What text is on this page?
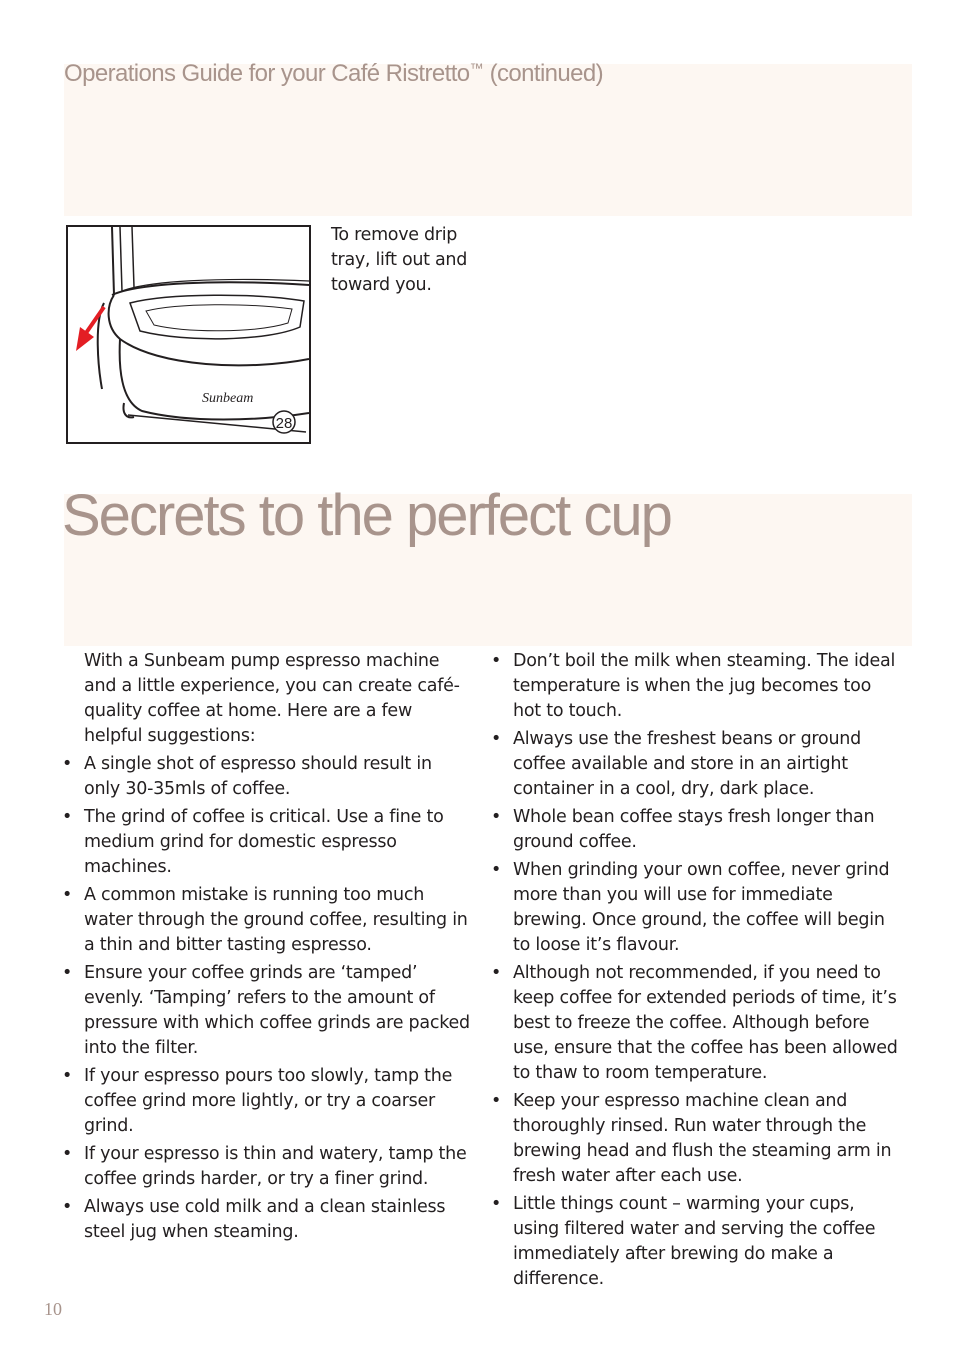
Operations Guide for your Café Ristretto™ (continued)
Sunbeam
28
To remove drip tray, lift out and toward you.
Secrets to the perfect cup

With a Sunbeam pump espresso machine and a little experience, you can create café-quality coffee at home. Here are a few helpful suggestions:

• A single shot of espresso should result in only 30-35mls of coffee.
• The grind of coffee is critical. Use a fine to medium grind for domestic espresso machines.
• A common mistake is running too much water through the ground coffee, resulting in a thin and bitter tasting espresso.
• Ensure your coffee grinds are ‘tamped’ evenly. ‘Tamping’ refers to the amount of pressure with which coffee grinds are packed into the filter.
• If your espresso pours too slowly, tamp the coffee grind more lightly, or try a coarser grind.
• If your espresso is thin and watery, tamp the coffee grinds harder, or try a finer grind.
• Always use cold milk and a clean stainless steel jug when steaming.
• Don’t boil the milk when steaming. The ideal temperature is when the jug becomes too hot to touch.
• Always use the freshest beans or ground coffee available and store in an airtight container in a cool, dry, dark place.
• Whole bean coffee stays fresh longer than ground coffee.
• When grinding your own coffee, never grind more than you will use for immediate brewing. Once ground, the coffee will begin to loose it’s flavour.
• Although not recommended, if you need to keep coffee for extended periods of time, it’s best to freeze the coffee. Although before use, ensure that the coffee has been allowed to thaw to room temperature.
• Keep your espresso machine clean and thoroughly rinsed. Run water through the brewing head and flush the steaming arm in fresh water after each use.
• Little things count – warming your cups, using filtered water and serving the coffee immediately after brewing do make a difference.
10
